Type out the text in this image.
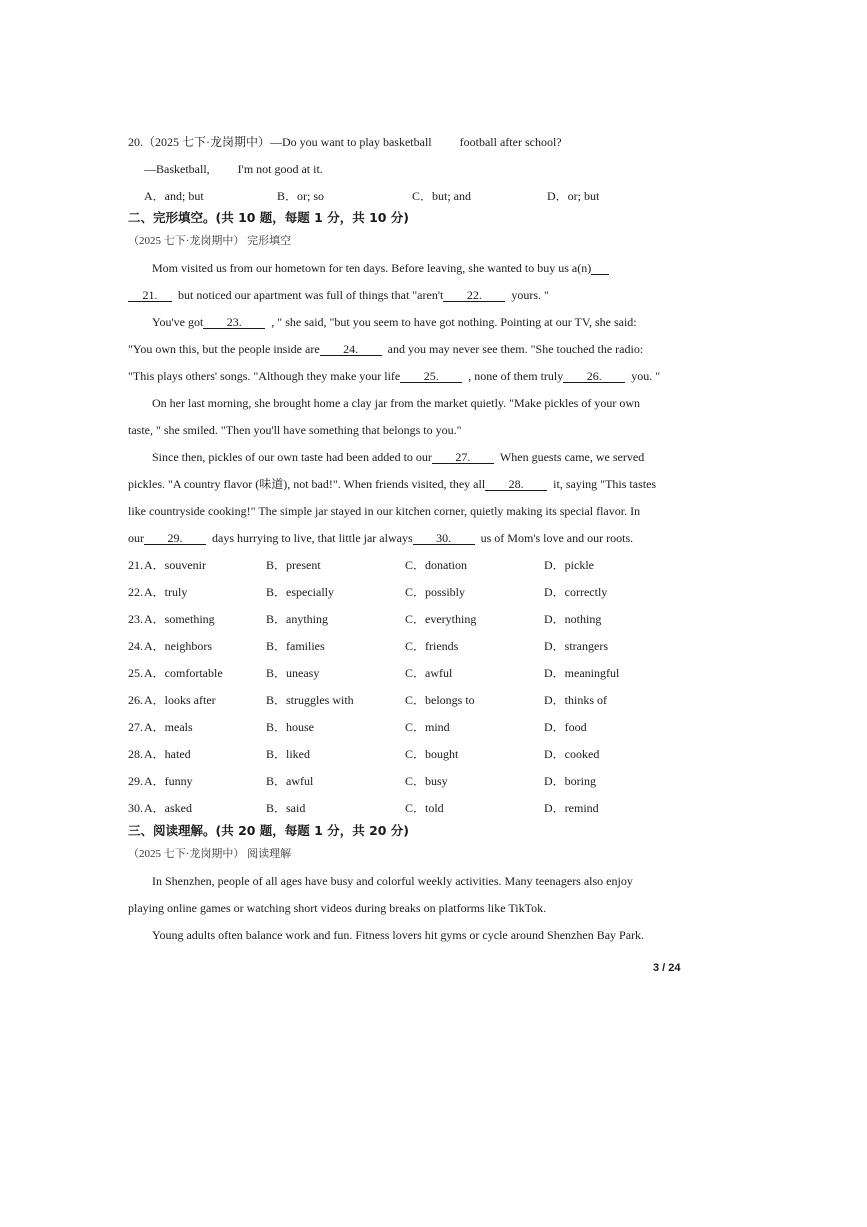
20.（2025 七下·龙岗期中）—Do you want to play basketball football after school?
—Basketball, I'm not good at it.
A．and; but	B．or; so	C．but; and	D．or; but
二、完形填空。(共 10 题，每题 1 分，共 10 分)
（2025 七下·龙岗期中） 完形填空
Mom visited us from our hometown for ten days. Before leaving, she wanted to buy us a(n)
21. but noticed our apartment was full of things that "aren't 22. yours. "
You've got 23. , " she said, "but you seem to have got nothing. Pointing at our TV, she said:
"You own this, but the people inside are 24. and you may never see them. "She touched the radio:
"This plays others' songs. "Although they make your life 25. , none of them truly 26. you. "
On her last morning, she brought home a clay jar from the market quietly. "Make pickles of your own
taste, " she smiled. "Then you'll have something that belongs to you."
Since then, pickles of our own taste had been added to our 27. When guests came, we served
pickles. "A country flavor (味道), not bad!". When friends visited, they all 28. it, saying "This tastes
like countryside cooking!" The simple jar stayed in our kitchen corner, quietly making its special flavor. In
our 29. days hurrying to live, that little jar always 30. us of Mom's love and our roots.
21. A．souvenir	B．present	C．donation	D．pickle
22. A．truly	B．especially	C．possibly	D．correctly
23. A．something	B．anything	C．everything	D．nothing
24. A．neighbors	B．families	C．friends	D．strangers
25. A．comfortable	B．uneasy	C．awful	D．meaningful
26. A．looks after	B．struggles with	C．belongs to	D．thinks of
27. A．meals	B．house	C．mind	D．food
28. A．hated	B．liked	C．bought	D．cooked
29. A．funny	B．awful	C．busy	D．boring
30. A．asked	B．said	C．told	D．remind
三、阅读理解。(共 20 题，每题 1 分，共 20 分)
（2025 七下·龙岗期中） 阅读理解
In Shenzhen, people of all ages have busy and colorful weekly activities. Many teenagers also enjoy
playing online games or watching short videos during breaks on platforms like TikTok.
Young adults often balance work and fun. Fitness lovers hit gyms or cycle around Shenzhen Bay Park.
3 / 24
